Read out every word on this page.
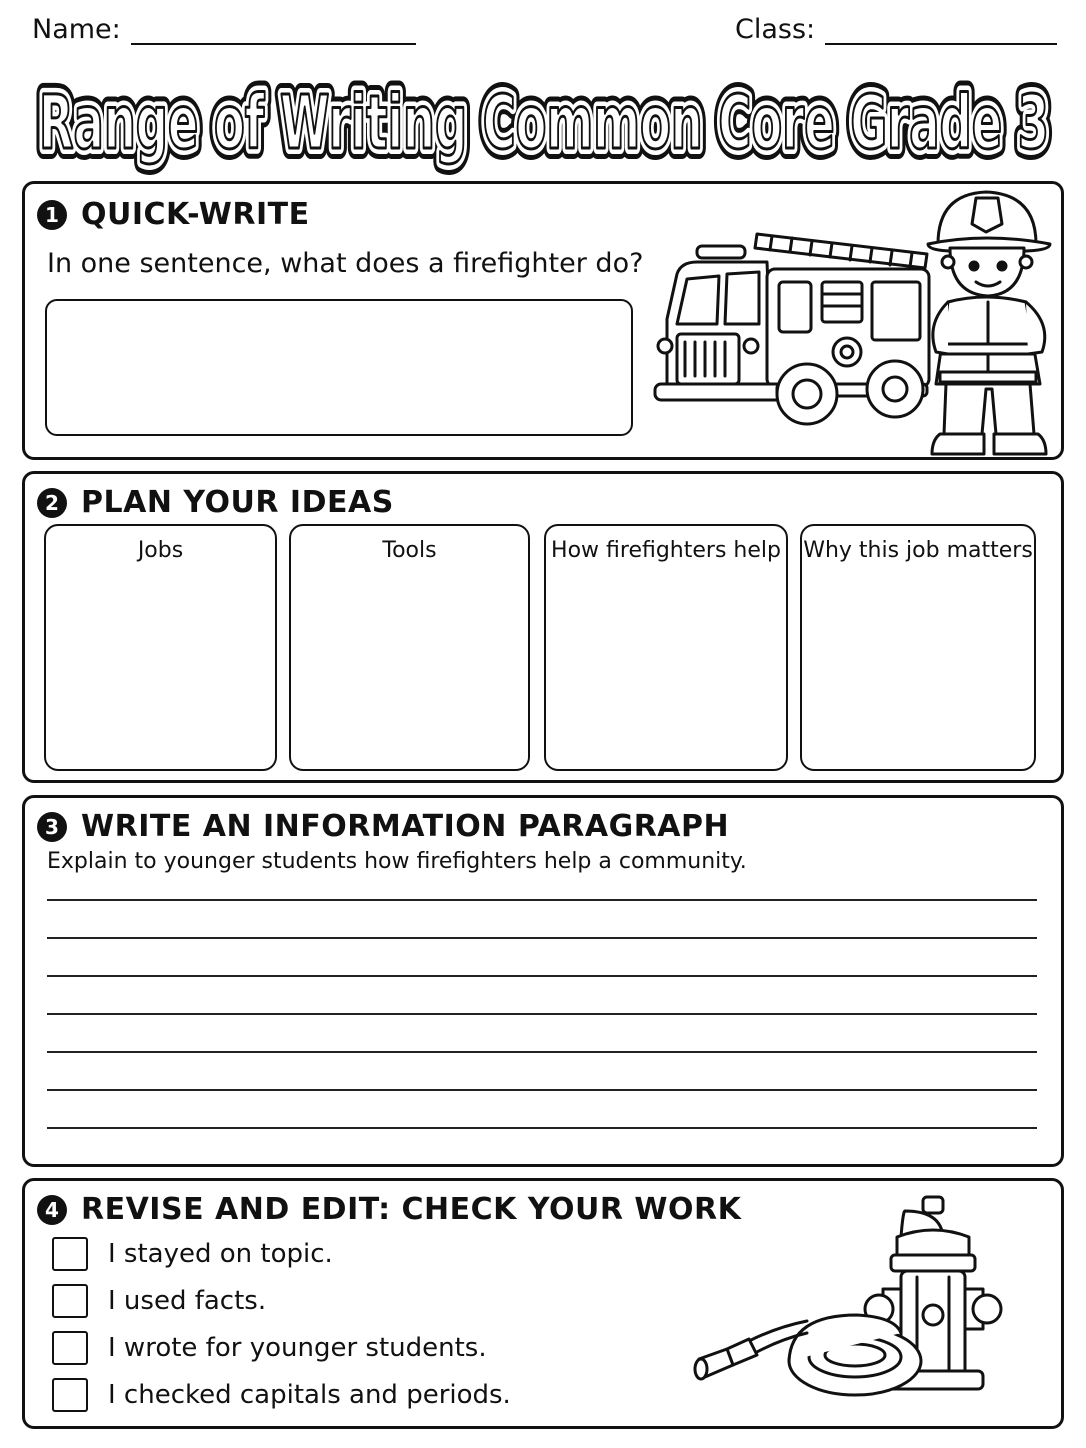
Name:	Class:
Range of Writing Common Core Grade 3
Range of Writing Common Core Grade 3
Range of Writing Common Core Grade 3
1 QUICK-WRITE
In one sentence, what does a firefighter do?
2 PLAN YOUR IDEAS
Jobs	Tools	How firefighters help Why this job matters
3 WRITE AN INFORMATION PARAGRAPH
Explain to younger students how firefighters help a community.
4 REVISE AND EDIT: CHECK YOUR WORK
I stayed on topic.
I used facts.
I wrote for younger students.
I checked capitals and periods.
